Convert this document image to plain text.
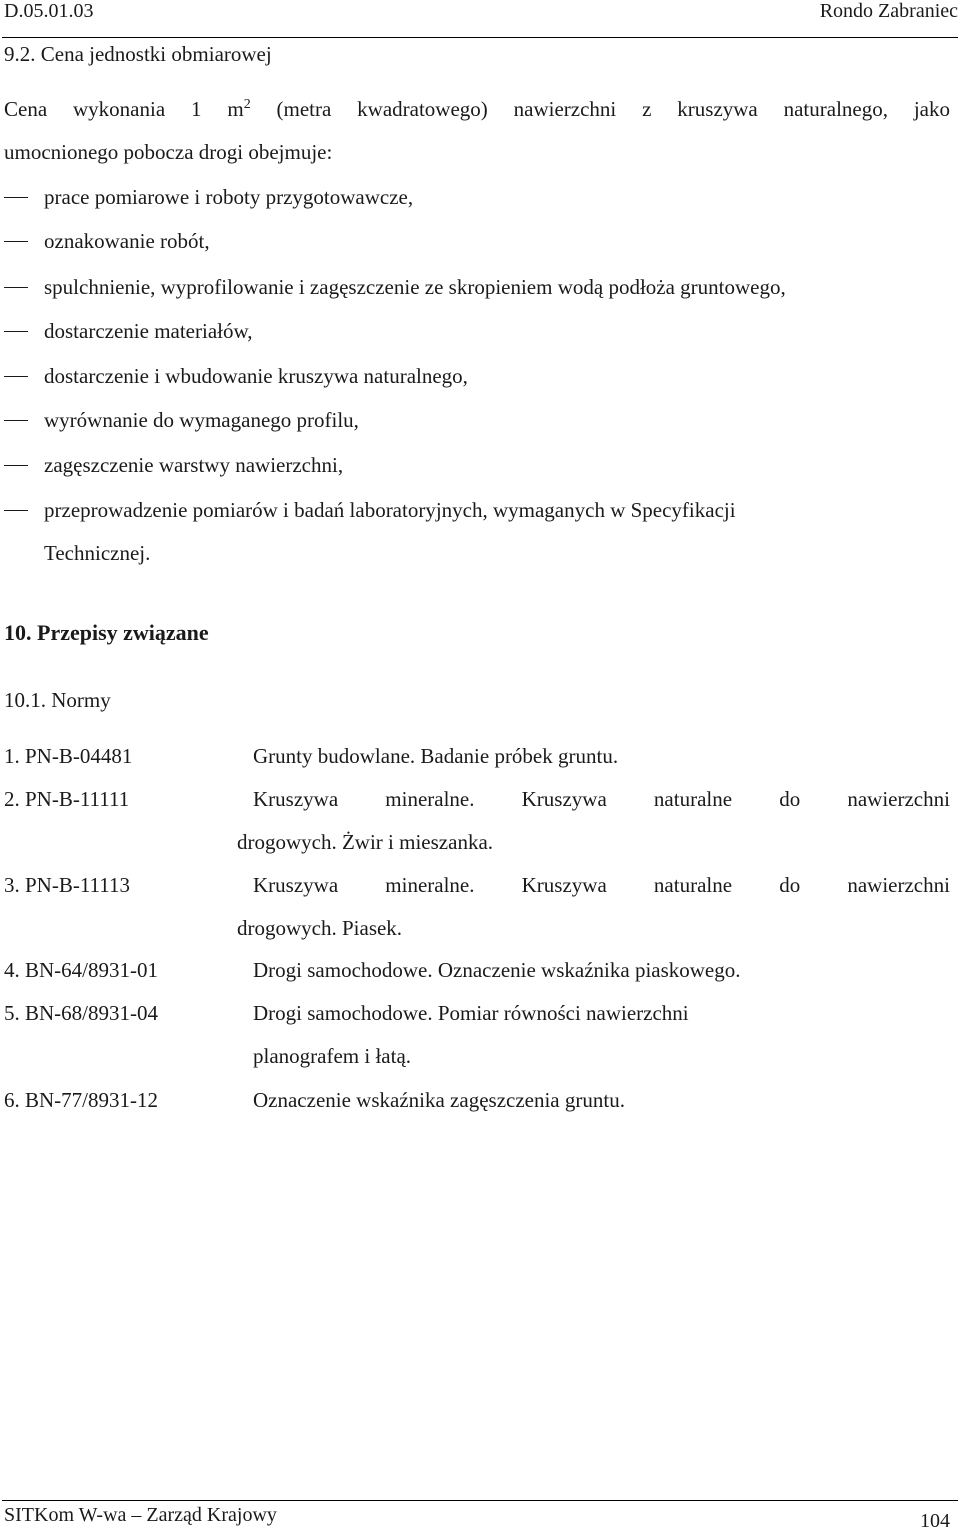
D.05.01.03	Rondo Zabraniec
9.2. Cena jednostki obmiarowej
Cena wykonania 1 $m^2$ (metra kwadratowego) nawierzchni z kruszywa naturalnego, jako
umocnionego pobocza drogi obejmuje:
prace pomiarowe i roboty przygotowawcze,
oznakowanie robót,
spulchnienie, wyprofilowanie i zagęszczenie ze skropieniem wodą podłoża gruntowego,
dostarczenie materiałów,
dostarczenie i wbudowanie kruszywa naturalnego,
wyrównanie do wymaganego profilu,
zagęszczenie warstwy nawierzchni,
przeprowadzenie pomiarów i badań laboratoryjnych, wymaganych w Specyfikacji
Technicznej.
10. Przepisy związane
10.1. Normy
1. PN-B-04481	Grunty budowlane. Badanie próbek gruntu.
2. PN-B-11111	Kruszywa mineralne. Kruszywa naturalne do nawierzchni
drogowych. Żwir i mieszanka.
3. PN-B-11113	Kruszywa mineralne. Kruszywa naturalne do nawierzchni
drogowych. Piasek.
4. BN-64/8931-01	Drogi samochodowe. Oznaczenie wskaźnika piaskowego.
5. BN-68/8931-04	Drogi samochodowe. Pomiar równości nawierzchni
planografem i łatą.
6. BN-77/8931-12	Oznaczenie wskaźnika zagęszczenia gruntu.
SITKom W-wa – Zarząd Krajowy	104
